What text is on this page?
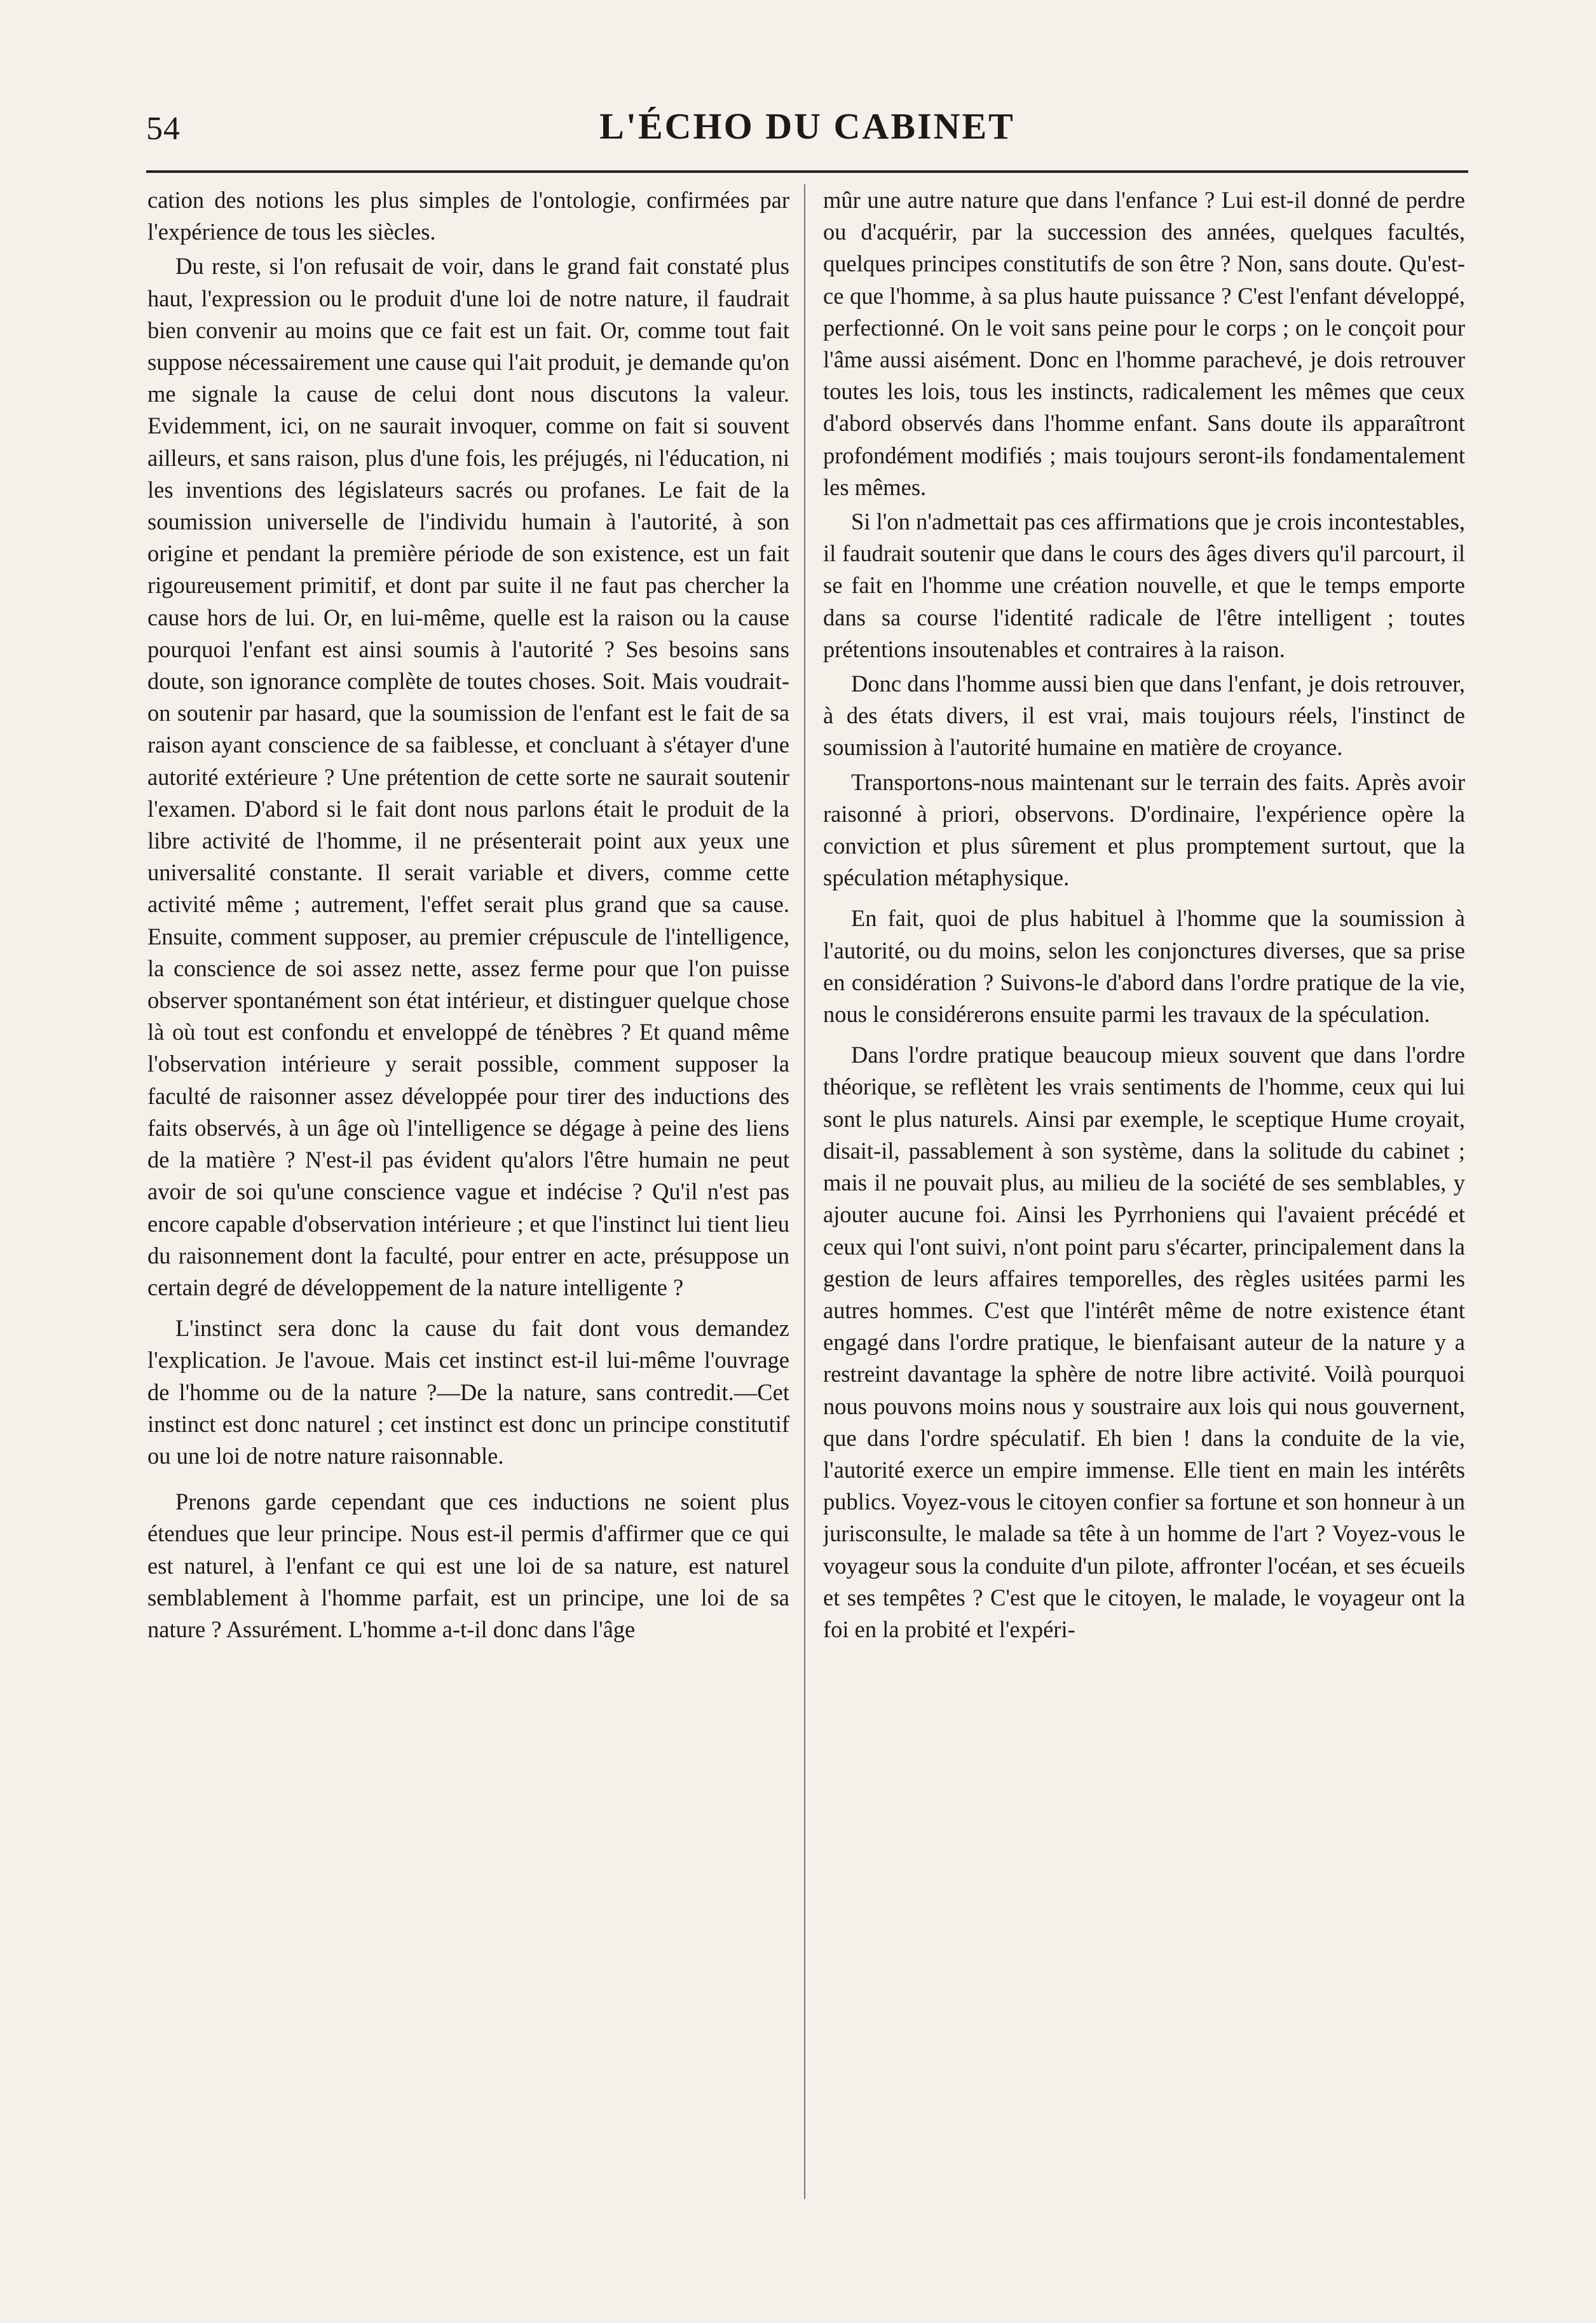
54	L'ÉCHO DU CABINET

cation des notions les plus simples de l'ontologie, confirmées par l'expérience de tous les siècles.

Du reste, si l'on refusait de voir, dans le grand fait constaté plus haut, l'expression ou le produit d'une loi de notre nature, il faudrait bien convenir au moins que ce fait est un fait. Or, comme tout fait suppose nécessairement une cause qui l'ait produit, je demande qu'on me signale la cause de celui dont nous discutons la valeur. Evidemment, ici, on ne saurait invoquer, comme on fait si souvent ailleurs, et sans raison, plus d'une fois, les préjugés, ni l'éducation, ni les inventions des législateurs sacrés ou profanes. Le fait de la soumission universelle de l'individu humain à l'autorité, à son origine et pendant la première période de son existence, est un fait rigoureusement primitif, et dont par suite il ne faut pas chercher la cause hors de lui. Or, en lui-même, quelle est la raison ou la cause pourquoi l'enfant est ainsi soumis à l'autorité ? Ses besoins sans doute, son ignorance complète de toutes choses. Soit. Mais voudrait-on soutenir par hasard, que la soumission de l'enfant est le fait de sa raison ayant conscience de sa faiblesse, et concluant à s'étayer d'une autorité extérieure ? Une prétention de cette sorte ne saurait soutenir l'examen. D'abord si le fait dont nous parlons était le produit de la libre activité de l'homme, il ne présenterait point aux yeux une universalité constante. Il serait variable et divers, comme cette activité même ; autrement, l'effet serait plus grand que sa cause. Ensuite, comment supposer, au premier crépuscule de l'intelligence, la conscience de soi assez nette, assez ferme pour que l'on puisse observer spontanément son état intérieur, et distinguer quelque chose là où tout est confondu et enveloppé de ténèbres ? Et quand même l'observation intérieure y serait possible, comment supposer la faculté de raisonner assez développée pour tirer des inductions des faits observés, à un âge où l'intelligence se dégage à peine des liens de la matière ? N'est-il pas évident qu'alors l'être humain ne peut avoir de soi qu'une conscience vague et indécise ? Qu'il n'est pas encore capable d'observation intérieure ; et que l'instinct lui tient lieu du raisonnement dont la faculté, pour entrer en acte, présuppose un certain degré de développement de la nature intelligente ?

L'instinct sera donc la cause du fait dont vous demandez l'explication. Je l'avoue. Mais cet instinct est-il lui-même l'ouvrage de l'homme ou de la nature ?—De la nature, sans contredit.—Cet instinct est donc naturel ; cet instinct est donc un principe constitutif ou une loi de notre nature raisonnable.

Prenons garde cependant que ces inductions ne soient plus étendues que leur principe. Nous est-il permis d'affirmer que ce qui est naturel, à l'enfant ce qui est une loi de sa nature, est naturel semblablement à l'homme parfait, est un principe, une loi de sa nature ? Assurément. L'homme a-t-il donc dans l'âge

mûr une autre nature que dans l'enfance ? Lui est-il donné de perdre ou d'acquérir, par la succession des années, quelques facultés, quelques principes constitutifs de son être ? Non, sans doute. Qu'est-ce que l'homme, à sa plus haute puissance ? C'est l'enfant développé, perfectionné. On le voit sans peine pour le corps ; on le conçoit pour l'âme aussi aisément. Donc en l'homme parachevé, je dois retrouver toutes les lois, tous les instincts, radicalement les mêmes que ceux d'abord observés dans l'homme enfant. Sans doute ils apparaîtront profondément modifiés ; mais toujours seront-ils fondamentalement les mêmes.

Si l'on n'admettait pas ces affirmations que je crois incontestables, il faudrait soutenir que dans le cours des âges divers qu'il parcourt, il se fait en l'homme une création nouvelle, et que le temps emporte dans sa course l'identité radicale de l'être intelligent ; toutes prétentions insoutenables et contraires à la raison.

Donc dans l'homme aussi bien que dans l'enfant, je dois retrouver, à des états divers, il est vrai, mais toujours réels, l'instinct de soumission à l'autorité humaine en matière de croyance.

Transportons-nous maintenant sur le terrain des faits. Après avoir raisonné à priori, observons. D'ordinaire, l'expérience opère la conviction et plus sûrement et plus promptement surtout, que la spéculation métaphysique.

En fait, quoi de plus habituel à l'homme que la soumission à l'autorité, ou du moins, selon les conjonctures diverses, que sa prise en considération ? Suivons-le d'abord dans l'ordre pratique de la vie, nous le considérerons ensuite parmi les travaux de la spéculation.

Dans l'ordre pratique beaucoup mieux souvent que dans l'ordre théorique, se reflètent les vrais sentiments de l'homme, ceux qui lui sont le plus naturels. Ainsi par exemple, le sceptique Hume croyait, disait-il, passablement à son système, dans la solitude du cabinet ; mais il ne pouvait plus, au milieu de la société de ses semblables, y ajouter aucune foi. Ainsi les Pyrrhoniens qui l'avaient précédé et ceux qui l'ont suivi, n'ont point paru s'écarter, principalement dans la gestion de leurs affaires temporelles, des règles usitées parmi les autres hommes. C'est que l'intérêt même de notre existence étant engagé dans l'ordre pratique, le bienfaisant auteur de la nature y a restreint davantage la sphère de notre libre activité. Voilà pourquoi nous pouvons moins nous y soustraire aux lois qui nous gouvernent, que dans l'ordre spéculatif. Eh bien ! dans la conduite de la vie, l'autorité exerce un empire immense. Elle tient en main les intérêts publics. Voyez-vous le citoyen confier sa fortune et son honneur à un jurisconsulte, le malade sa tête à un homme de l'art ? Voyez-vous le voyageur sous la conduite d'un pilote, affronter l'océan, et ses écueils et ses tempêtes ? C'est que le citoyen, le malade, le voyageur ont la foi en la probité et l'expéri-
